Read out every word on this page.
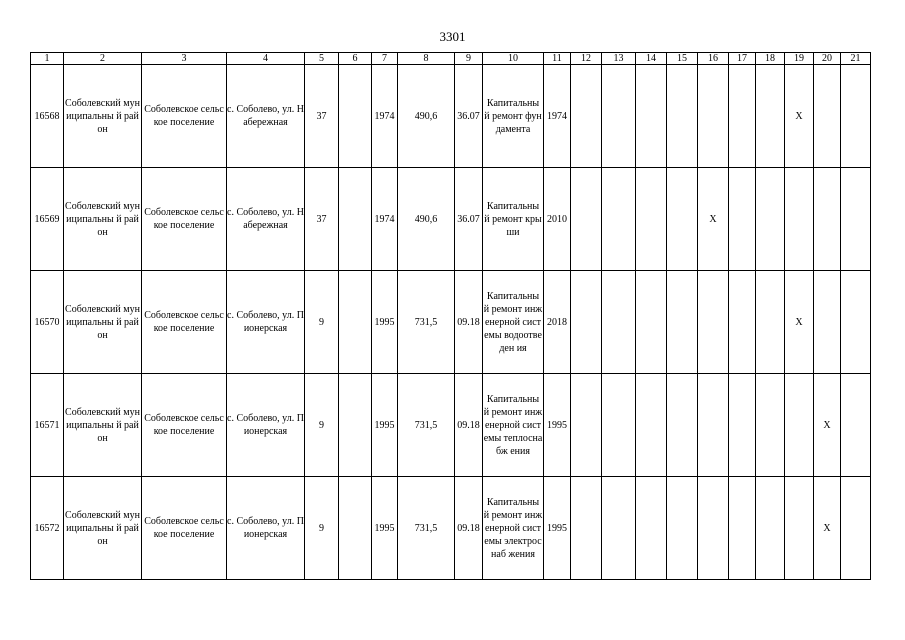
3301
1	2	3	4	5	6	7	8	9	10	11	12	13	14	15	16	17	18	19	20	21
16568	Соболевский муниципальны й район	Соболевское сельское поселение	с. Соболево, ул. Набережная	37		1974	490,6	36.07	Капитальны й ремонт фундамента	1974								X		
16569	Соболевский муниципальны й район	Соболевское сельское поселение	с. Соболево, ул. Набережная	37		1974	490,6	36.07	Капитальны й ремонт крыши	2010					X					
16570	Соболевский муниципальны й район	Соболевское сельское поселение	с. Соболево, ул. Пионерская	9		1995	731,5	09.18	Капитальны й ремонт инженерной системы водоотведен ия	2018								X		
16571	Соболевский муниципальны й район	Соболевское сельское поселение	с. Соболево, ул. Пионерская	9		1995	731,5	09.18	Капитальны й ремонт инженерной системы теплоснабж ения	1995									X	
16572	Соболевский муниципальны й район	Соболевское сельское поселение	с. Соболево, ул. Пионерская	9		1995	731,5	09.18	Капитальны й ремонт инженерной системы электроснаб жения	1995									X	
